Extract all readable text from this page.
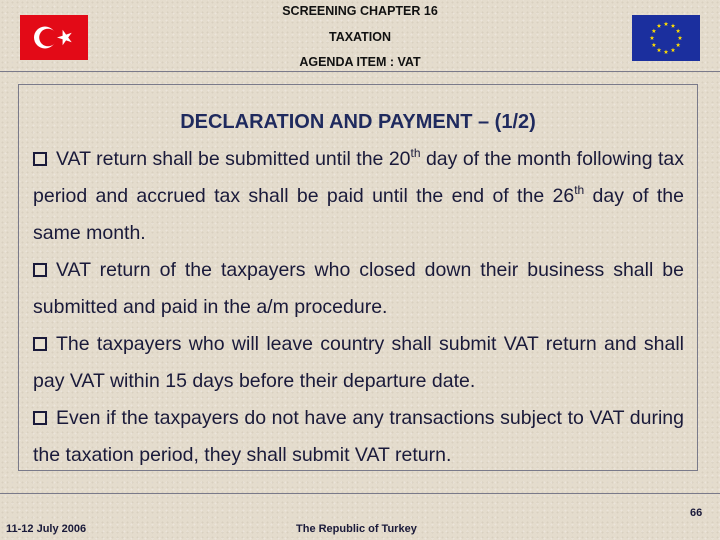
SCREENING CHAPTER 16
TAXATION
AGENDA ITEM : VAT
DECLARATION AND PAYMENT – (1/2)
VAT return shall be submitted until the 20th day of the month following tax period and accrued tax shall be paid until the end of the 26th day of the same month.
VAT return of the taxpayers who closed down their business shall be submitted and paid in the a/m procedure.
The taxpayers who will leave country shall submit VAT return and shall pay VAT within 15 days before their departure date.
Even if the taxpayers do not have any transactions subject to VAT during the taxation period, they shall submit VAT return.
66
11-12 July 2006	The Republic of Turkey
